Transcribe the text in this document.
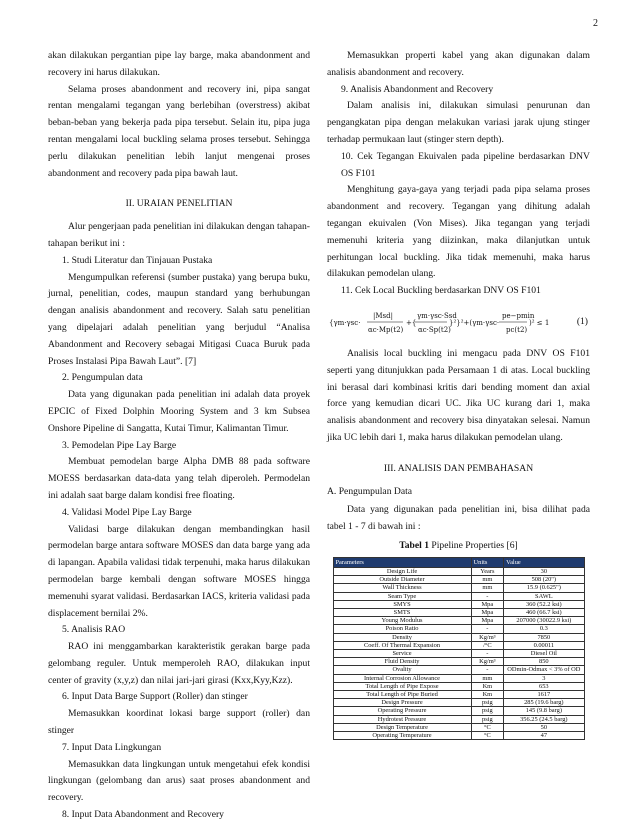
2

akan dilakukan pergantian pipe lay barge, maka abandonment and recovery ini harus dilakukan.

Selama proses abandonment and recovery ini, pipa sangat rentan mengalami tegangan yang berlebihan (overstress) akibat beban-beban yang bekerja pada pipa tersebut. Selain itu, pipa juga rentan mengalami local buckling selama proses tersebut. Sehingga perlu dilakukan penelitian lebih lanjut mengenai proses abandonment and recovery pada pipa bawah laut.

II. URAIAN PENELITIAN

Alur pengerjaan pada penelitian ini dilakukan dengan tahapan-tahapan berikut ini :

1. Studi Literatur dan Tinjauan Pustaka

Mengumpulkan referensi (sumber pustaka) yang berupa buku, jurnal, penelitian, codes, maupun standard yang berhubungan dengan analisis abandonment and recovery. Salah satu penelitian yang dipelajari adalah penelitian yang berjudul “Analisa Abandonment and Recovery sebagai Mitigasi Cuaca Buruk pada Proses Instalasi Pipa Bawah Laut”. [7]

2. Pengumpulan data

Data yang digunakan pada penelitian ini adalah data proyek EPCIC of Fixed Dolphin Mooring System and 3 km Subsea Onshore Pipeline di Sangatta, Kutai Timur, Kalimantan Timur.

3. Pemodelan Pipe Lay Barge

Membuat pemodelan barge Alpha DMB 88 pada software MOESS berdasarkan data-data yang telah diperoleh. Permodelan ini adalah saat barge dalam kondisi free floating.

4. Validasi Model Pipe Lay Barge

Validasi barge dilakukan dengan membandingkan hasil permodelan barge antara software MOSES dan data barge yang ada di lapangan. Apabila validasi tidak terpenuhi, maka harus dilakukan permodelan barge kembali dengan software MOSES hingga memenuhi syarat validasi. Berdasarkan IACS, kriteria validasi pada displacement bernilai 2%.

5. Analisis RAO

RAO ini menggambarkan karakteristik gerakan barge pada gelombang reguler. Untuk memperoleh RAO, dilakukan input center of gravity (x,y,z) dan nilai jari-jari girasi (Kxx,Kyy,Kzz).

6. Input Data Barge Support (Roller) dan stinger

Memasukkan koordinat lokasi barge support (roller) dan stinger

7. Input Data Lingkungan

Memasukkan data lingkungan untuk mengetahui efek kondisi lingkungan (gelombang dan arus) saat proses abandonment and recovery.

8. Input Data Abandonment and Recovery

Memasukkan properti kabel yang akan digunakan dalam analisis abandonment and recovery.

9. Analisis Abandonment and Recovery

Dalam analisis ini, dilakukan simulasi penurunan dan pengangkatan pipa dengan melakukan variasi jarak ujung stinger terhadap permukaan laut (stinger stern depth).

10. Cek Tegangan Ekuivalen pada pipeline berdasarkan DNV OS F101

Menghitung gaya-gaya yang terjadi pada pipa selama proses abandonment and recovery. Tegangan yang dihitung adalah tegangan ekuivalen (Von Mises). Jika tegangan yang terjadi memenuhi kriteria yang diizinkan, maka dilanjutkan untuk perhitungan local buckling. Jika tidak memenuhi, maka harus dilakukan pemodelan ulang.

11. Cek Local Buckling berdasarkan DNV OS F101

{γm·γsc·
|Msd|
αc·Mp(t2)
+{
γm·γsc·Ssd
αc·Sp(t2)
}²}²+(γm·γsc·
pe−pmin
pc(t2)
)² ≤ 1	(1)

Analisis local buckling ini mengacu pada DNV OS F101 seperti yang ditunjukkan pada Persamaan 1 di atas. Local buckling ini berasal dari kombinasi kritis dari bending moment dan axial force yang kemudian dicari UC. Jika UC kurang dari 1, maka analisis abandonment and recovery bisa dinyatakan selesai. Namun jika UC lebih dari 1, maka harus dilakukan pemodelan ulang.

III. ANALISIS DAN PEMBAHASAN

A. Pengumpulan Data

Data yang digunakan pada penelitian ini, bisa dilihat pada tabel 1 - 7 di bawah ini :

Tabel 1 Pipeline Properties [6]

Parameters	Units	Value
Design Life	Years	30
Outside Diameter	mm	508 (20")
Wall Thickness	mm	15.9 (0.625")
Seam Type	-	SAWL
SMYS	Mpa	360 (52.2 ksi)
SMTS	Mpa	460 (66.7 ksi)
Young Modulus	Mpa	207000 (30022.9 ksi)
Poison Ratio	-	0.3
Density	Kg/m³	7850
Coeff. Of Thermal Expansion	/°C	0.00011
Service	-	Diesel Oil
Fluid Density	Kg/m³	850
Ovality	-	ODmin-Odmax < 3% of OD
Internal Corrosion Allowance	mm	3
Total Length of Pipe Expose	Km	653
Total Length of Pipe Buried	Km	1617
Design Pressure	psig	285 (19.6 barg)
Operating Pressure	psig	145 (9.8 barg)
Hydrotest Pressure	psig	356.25 (24.5 barg)
Design Temperature	°C	50
Operating Temperature	°C	47
